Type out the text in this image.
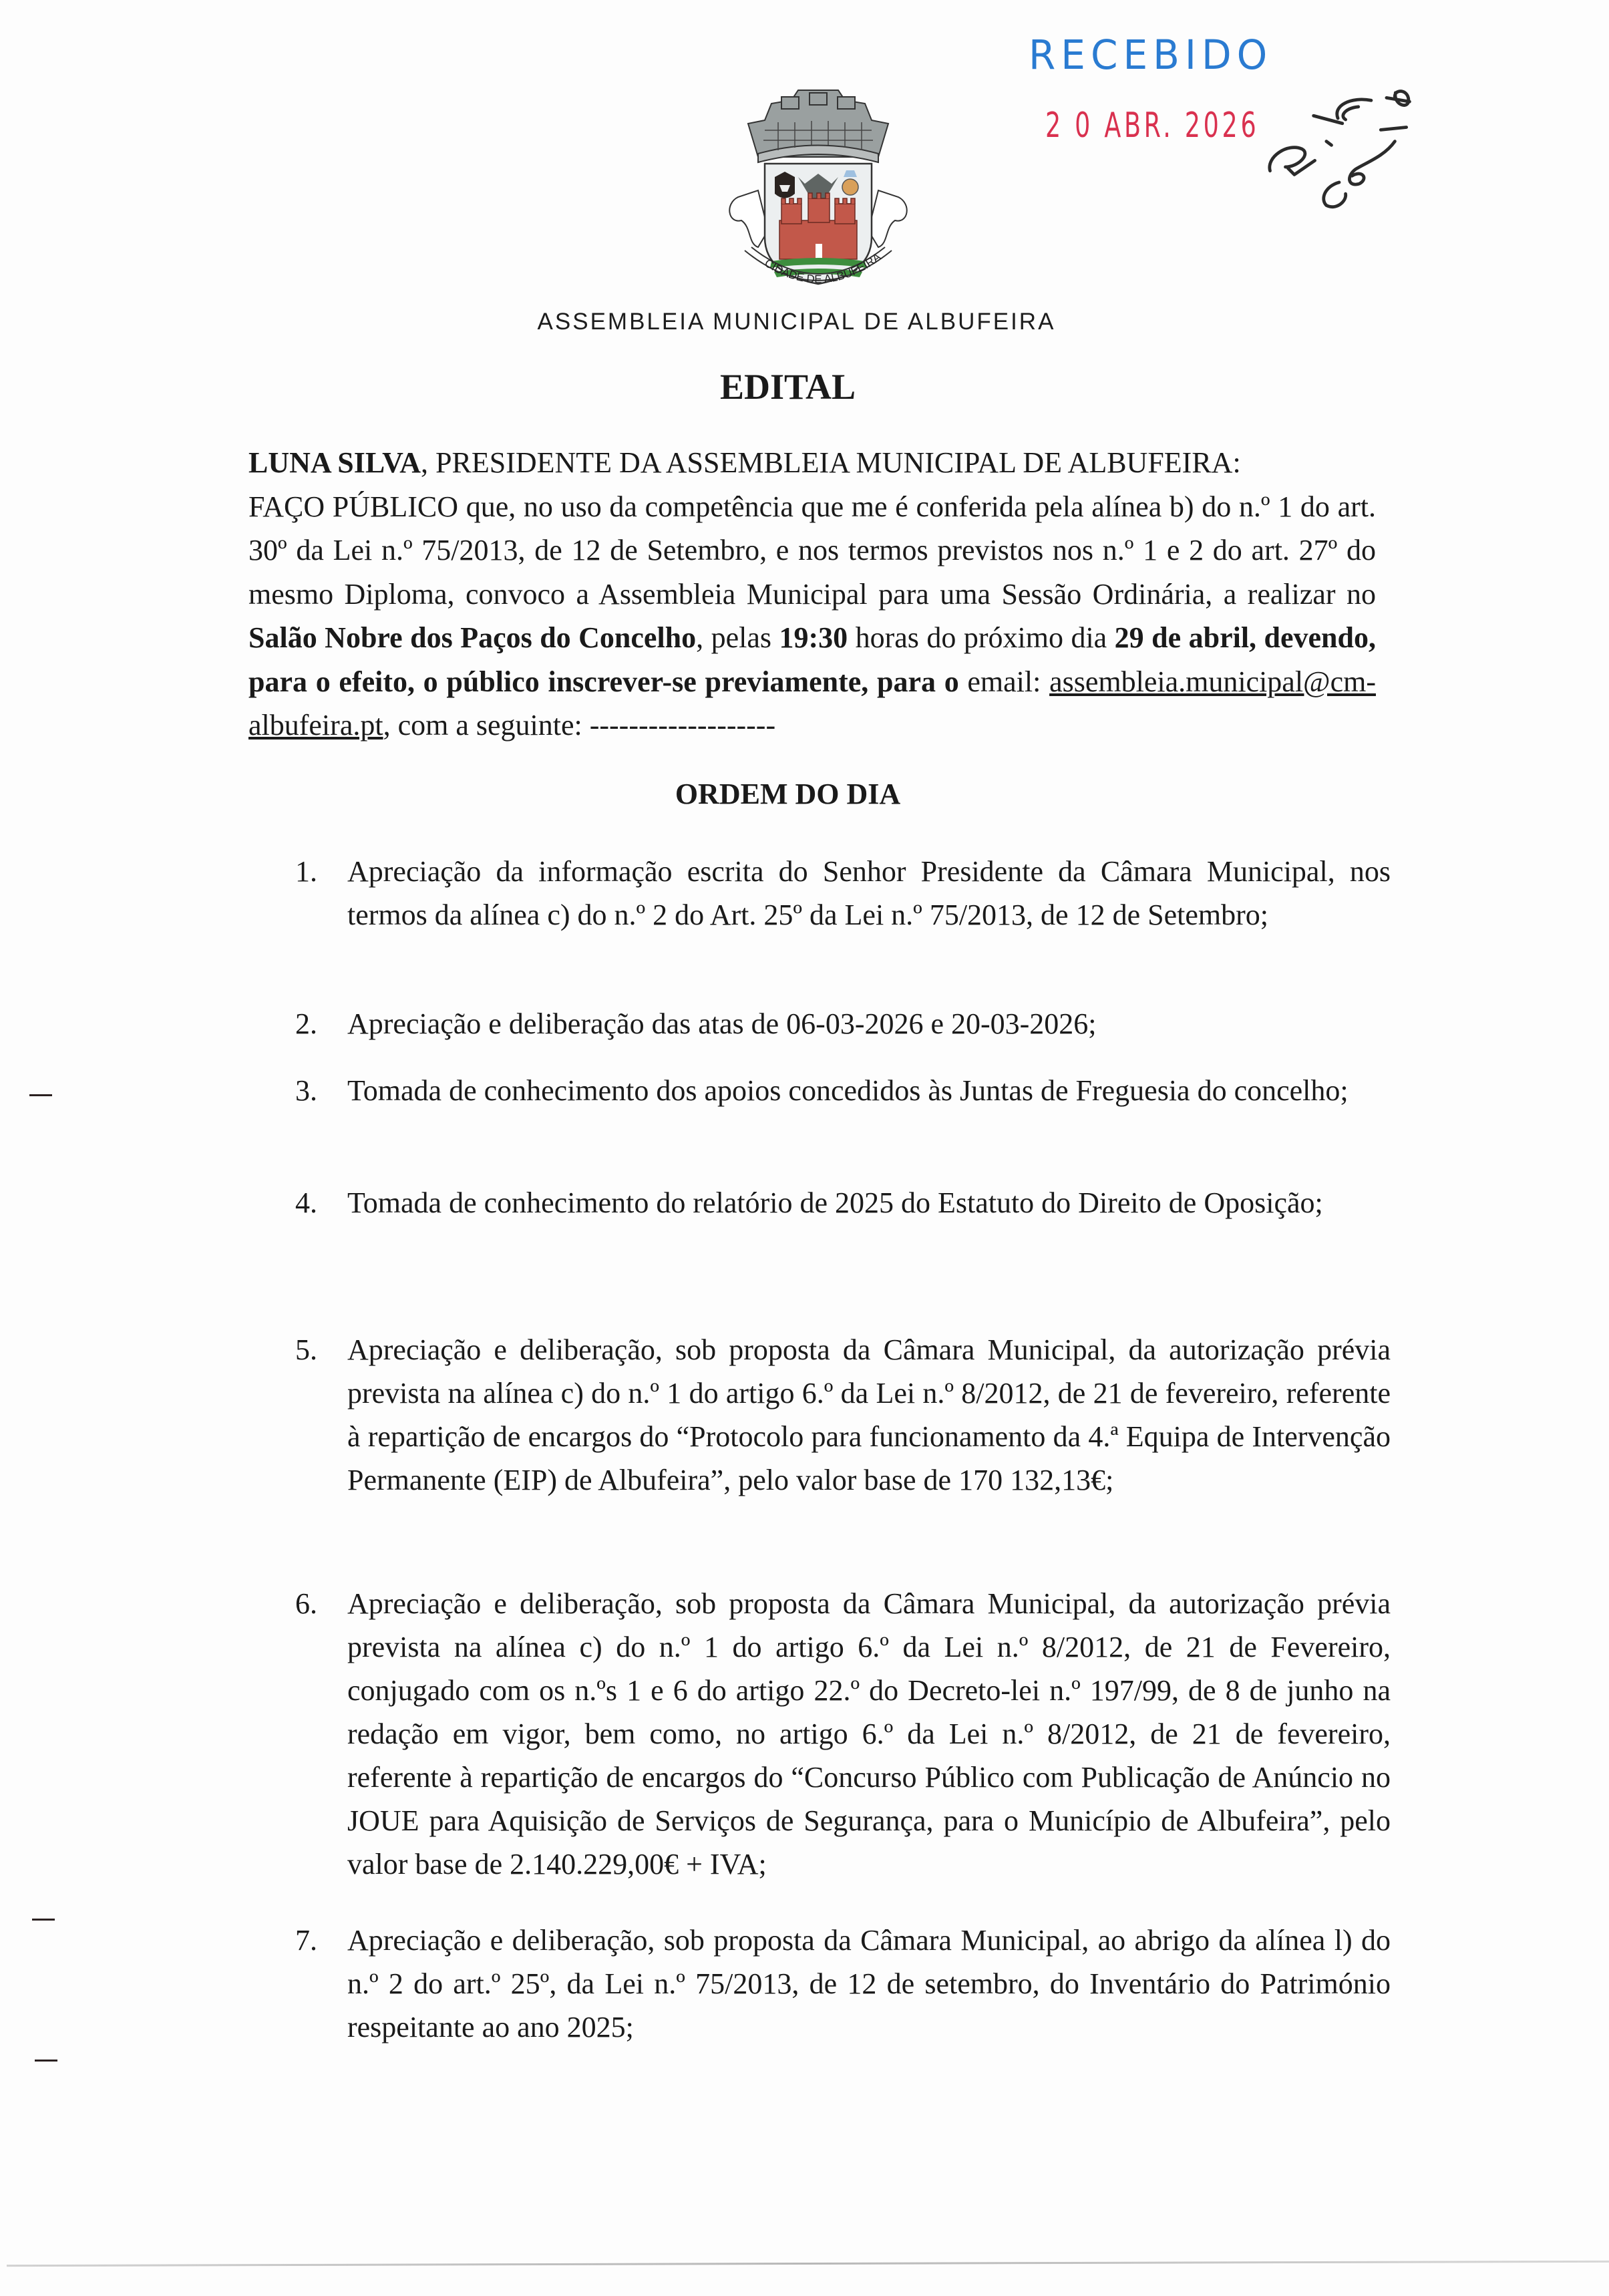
RECEBIDO
2 0 ABR. 2026
CIDADE DE ALBUFEIRA
ASSEMBLEIA MUNICIPAL DE ALBUFEIRA
EDITAL

LUNA SILVA, PRESIDENTE DA ASSEMBLEIA MUNICIPAL DE ALBUFEIRA:
FAÇO PÚBLICO que, no uso da competência que me é conferida pela alínea b) do n.º 1 do art. 30º da Lei n.º 75/2013, de 12 de Setembro, e nos termos previstos nos n.º 1 e 2 do art. 27º do mesmo Diploma, convoco a Assembleia Municipal para uma Sessão Ordinária, a realizar no Salão Nobre dos Paços do Concelho, pelas 19:30 horas do próximo dia 29 de abril, devendo, para o efeito, o público inscrever-se previamente, para o email: assembleia.municipal@cm-albufeira.pt, com a seguinte: -------------------

ORDEM DO DIA
1.	Apreciação da informação escrita do Senhor Presidente da Câmara Municipal, nos termos da alínea c) do n.º 2 do Art. 25º da Lei n.º 75/2013, de 12 de Setembro;
2.	Apreciação e deliberação das atas de 06-03-2026 e 20-03-2026;
3.	Tomada de conhecimento dos apoios concedidos às Juntas de Freguesia do concelho;
4.	Tomada de conhecimento do relatório de 2025 do Estatuto do Direito de Oposição;
5.	Apreciação e deliberação, sob proposta da Câmara Municipal, da autorização prévia prevista na alínea c) do n.º 1 do artigo 6.º da Lei n.º 8/2012, de 21 de fevereiro, referente à repartição de encargos do “Protocolo para funcionamento da 4.ª Equipa de Intervenção Permanente (EIP) de Albufeira”, pelo valor base de 170 132,13€;
6.	Apreciação e deliberação, sob proposta da Câmara Municipal, da autorização prévia prevista na alínea c) do n.º 1 do artigo 6.º da Lei n.º 8/2012, de 21 de Fevereiro, conjugado com os n.ºs 1 e 6 do artigo 22.º do Decreto-lei n.º 197/99, de 8 de junho na redação em vigor, bem como, no artigo 6.º da Lei n.º 8/2012, de 21 de fevereiro, referente à repartição de encargos do “Concurso Público com Publicação de Anúncio no JOUE para Aquisição de Serviços de Segurança, para o Município de Albufeira”, pelo valor base de 2.140.229,00€ + IVA;
7.	Apreciação e deliberação, sob proposta da Câmara Municipal, ao abrigo da alínea l) do n.º 2 do art.º 25º, da Lei n.º 75/2013, de 12 de setembro, do Inventário do Património respeitante ao ano 2025;
